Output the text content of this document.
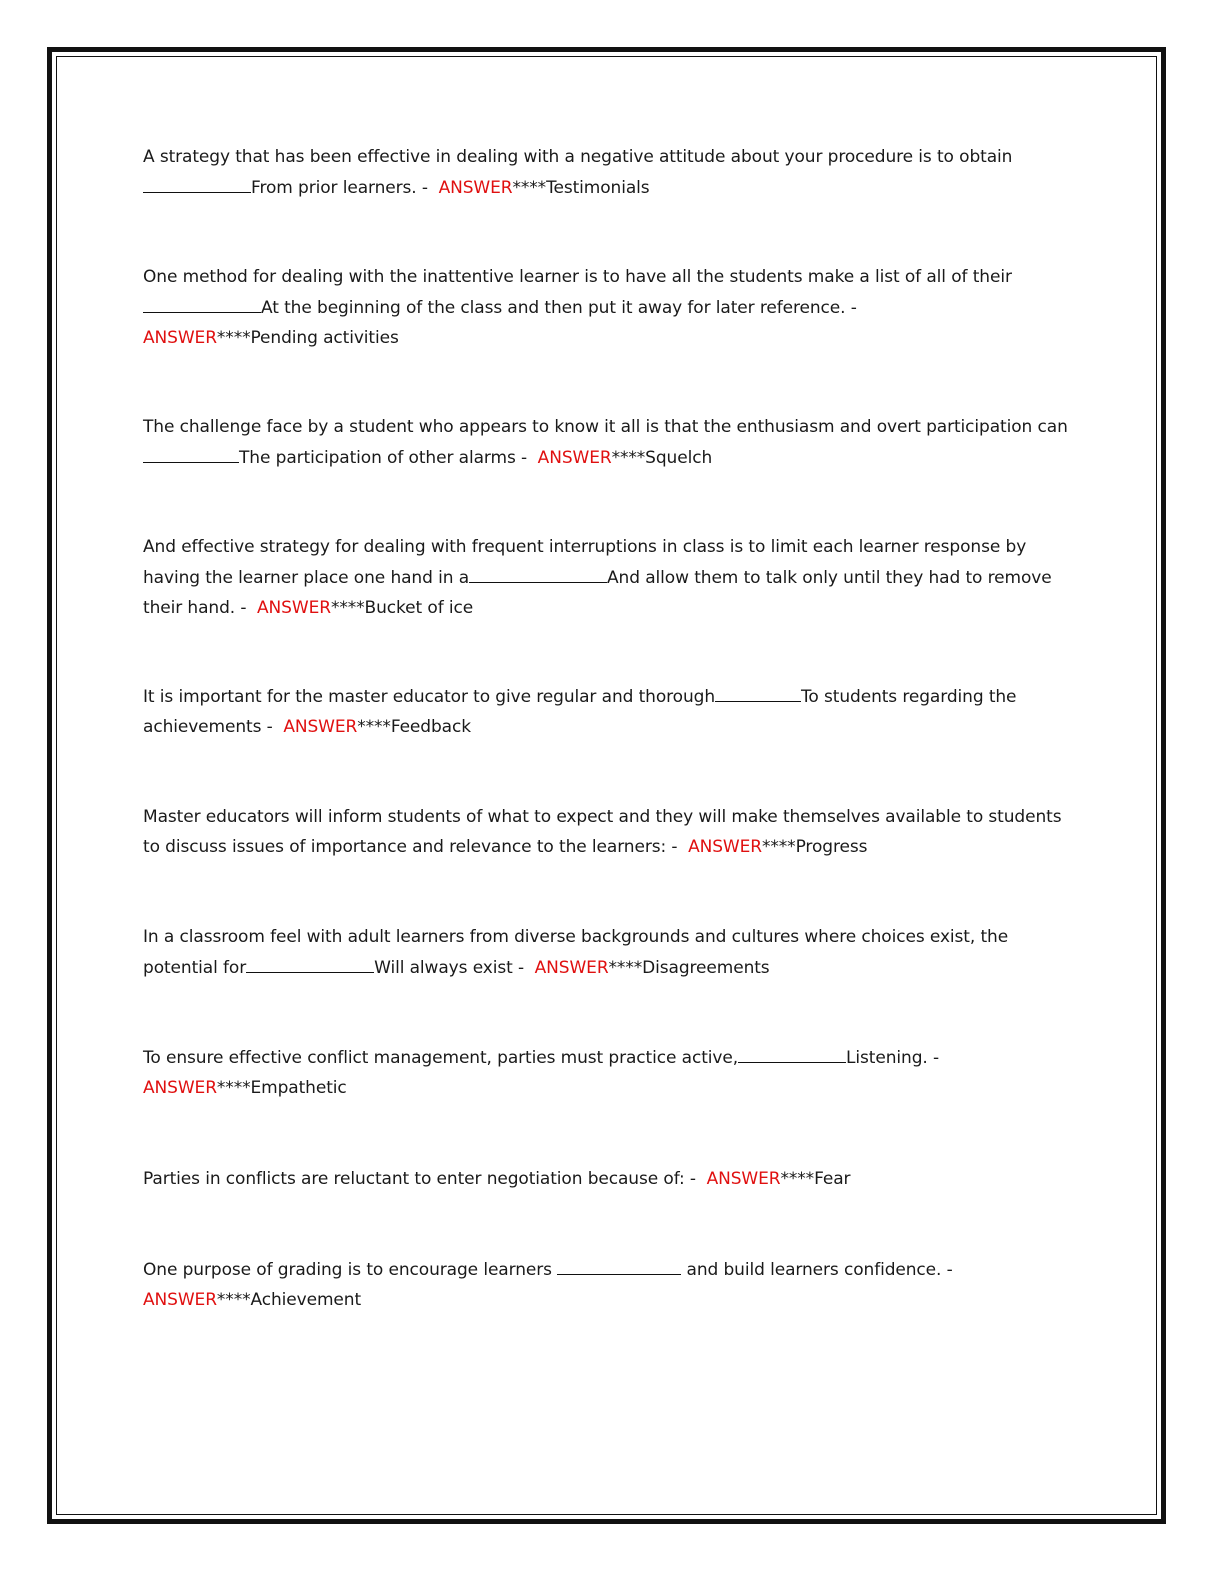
A strategy that has been effective in dealing with a negative attitude about your procedure is to obtainFrom prior learners. -  ANSWER****Testimonials

One method for dealing with the inattentive learner is to have all the students make a list of all of theirAt the beginning of the class and then put it away for later reference. -
ANSWER****Pending activities

The challenge face by a student who appears to know it all is that the enthusiasm and overt participation canThe participation of other alarms -  ANSWER****Squelch

And effective strategy for dealing with frequent interruptions in class is to limit each learner response by having the learner place one hand in a	And allow them to talk only until they had to remove their hand. -  ANSWER****Bucket of ice

It is important for the master educator to give regular and thorough	To students regarding the achievements -  ANSWER****Feedback

Master educators will inform students of what to expect and they will make themselves available to students to discuss issues of importance and relevance to the learners: -  ANSWER****Progress

In a classroom feel with adult learners from diverse backgrounds and cultures where choices exist, the potential for	Will always exist -  ANSWER****Disagreements

To ensure effective conflict management, parties must practice active,	Listening. -
ANSWER****Empathetic

Parties in conflicts are reluctant to enter negotiation because of: -  ANSWER****Fear

One purpose of grading is to encourage learners	and build learners confidence. -
ANSWER****Achievement
